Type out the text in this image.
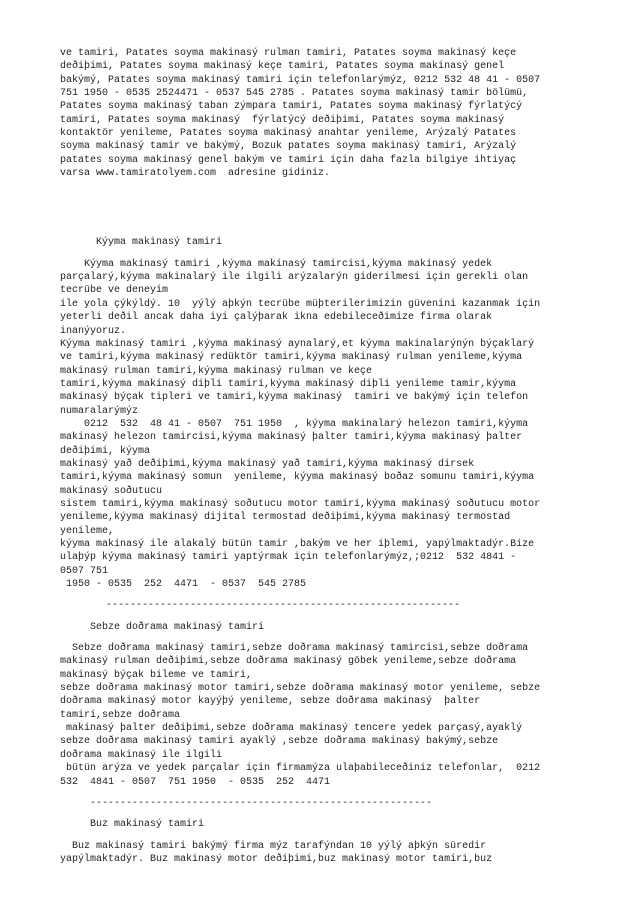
ve tamiri, Patates soyma makinasý rulman tamiri, Patates soyma makinasý keçe
deðiþimi, Patates soyma makinasý keçe tamiri, Patates soyma makinasý genel
bakýmý, Patates soyma makinasý tamiri için telefonlarýmýz, 0212 532 48 41 - 0507
751 1950 - 0535 2524471 - 0537 545 2785 . Patates soyma makinasý tamir bölümü,
Patates soyma makinasý taban zýmpara tamiri, Patates soyma makinasý fýrlatýcý
tamiri, Patates soyma makinasý  fýrlatýcý deðiþimi, Patates soyma makinasý
kontaktör yenileme, Patates soyma makinasý anahtar yenileme, Arýzalý Patates
soyma makinasý tamir ve bakýmý, Bozuk patates soyma makinasý tamiri, Arýzalý
patates soyma makinasý genel bakým ve tamiri için daha fazla bilgiye ihtiyaç
varsa www.tamiratolyem.com  adresine gidiniz.
Kýyma makinasý tamiri
Kýyma makinasý tamiri ,kýyma makinasý tamircisi,kýyma makinasý yedek
parçalarý,kýyma makinalarý ile ilgili arýzalarýn giderilmesi için gerekli olan
tecrübe ve deneyim
ile yola çýkýldý. 10  yýlý aþkýn tecrübe müþterilerimizin güvenini kazanmak için
yeterli deðil ancak daha iyi çalýþarak ikna edebileceðimize firma olarak
inanýyoruz.
Kýyma makinasý tamiri ,kýyma makinasý aynalarý,et kýyma makinalarýnýn býçaklarý
ve tamiri,kýyma makinasý redüktör tamiri,kýyma makinasý rulman yenileme,kýyma
makinasý rulman tamiri,kýyma makinasý rulman ve keçe
tamiri,kýyma makinasý diþli tamiri,kýyma makinasý diþli yenileme tamir,kýyma
makinasý býçak tipleri ve tamiri,kýyma makinasý  tamiri ve bakýmý için telefon
numaralarýmýz
0212  532  48 41 - 0507  751 1950  , kýyma makinalarý helezon tamiri,kýyma
makinasý helezon tamircisi,kýyma makinasý þalter tamiri,kýyma makinasý þalter
deðiþimi, kýyma
makinasý yað deðiþimi,kýyma makinasý yað tamiri,kýyma makinasý dirsek
tamiri,kýyma makinasý somun  yenileme, kýyma makinasý boðaz somunu tamiri,kýyma
makinasý soðutucu
sistem tamiri,kýyma makinasý soðutucu motor tamiri,kýyma makinasý soðutucu motor
yenileme,kýyma makinasý dijital termostad deðiþimi,kýyma makinasý termostad
yenileme,
kýyma makinasý ile alakalý bütün tamir ,bakým ve her iþlemi, yapýlmaktadýr.Bize
ulaþýp kýyma makinasý tamiri yaptýrmak için telefonlarýmýz,;0212  532 4841 -
0507 751
1950 - 0535  252  4471  - 0537  545 2785
-----------------------------------------------------------
Sebze doðrama makinasý tamiri
Sebze doðrama makinasý tamiri,sebze doðrama makinasý tamircisi,sebze doðrama
makinasý rulman deðiþimi,sebze doðrama makinasý göbek yenileme,sebze doðrama
makinasý býçak bileme ve tamiri,
sebze doðrama makinasý motor tamiri,sebze doðrama makinasý motor yenileme, sebze
doðrama makinasý motor kayýþý yenileme, sebze doðrama makinasý  þalter
tamiri,sebze doðrama
makinasý þalter deðiþimi,sebze doðrama makinasý tencere yedek parçasý,ayaklý
sebze doðrama makinasý tamiri ayaklý ,sebze doðrama makinasý bakýmý,sebze
doðrama makinasý ile ilgili
bütün arýza ve yedek parçalar için firmamýza ulaþabileceðiniz telefonlar,  0212
532  4841 - 0507  751 1950  - 0535  252  4471
---------------------------------------------------------
Buz makinasý tamiri
Buz makinasý tamiri bakýmý firma mýz tarafýndan 10 yýlý aþkýn süredir
yapýlmaktadýr. Buz makinasý motor deðiþimi,buz makinasý motor tamiri,buz
